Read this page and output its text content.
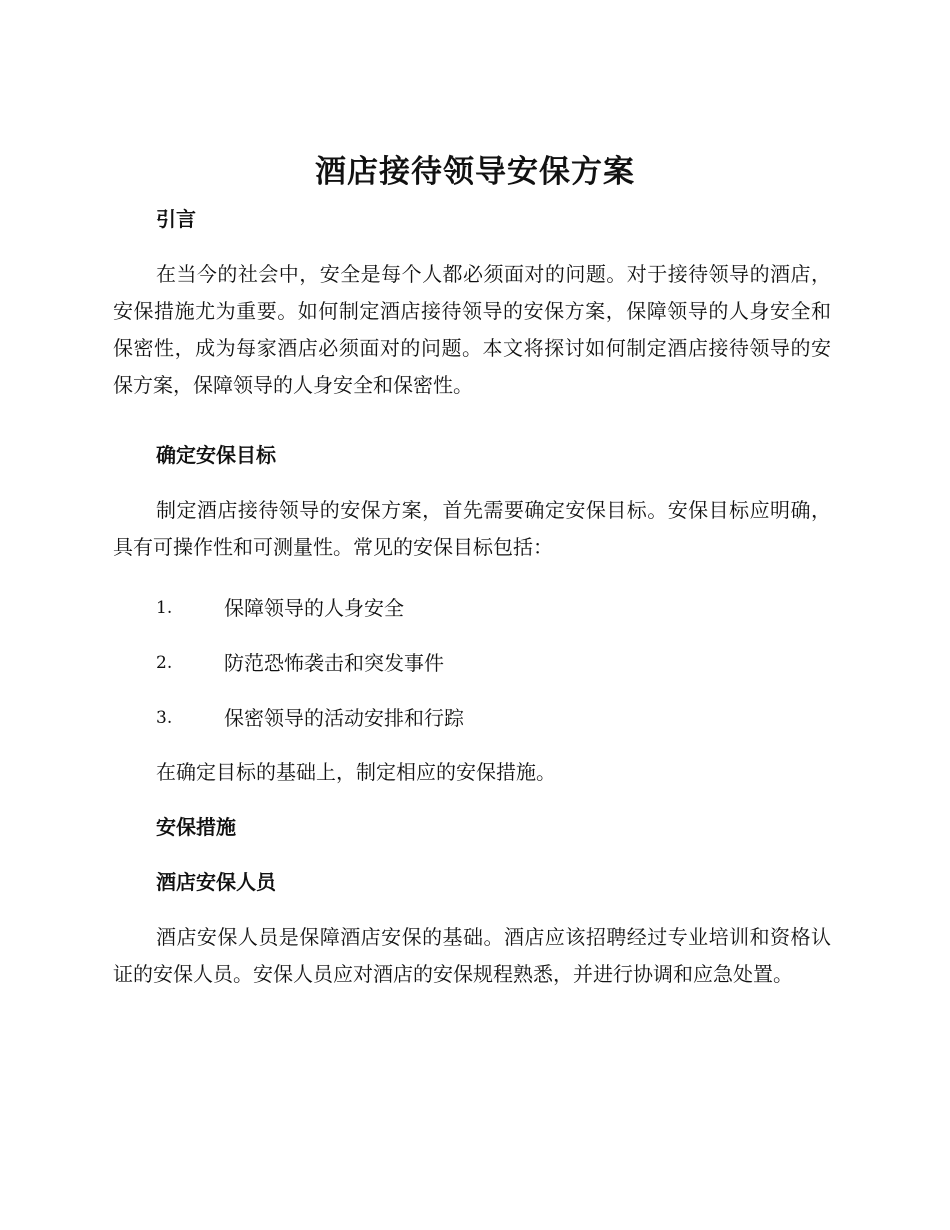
酒店接待领导安保方案
引言

在当今的社会中，安全是每个人都必须面对的问题。对于接待领导的酒店，安保措施尤为重要。如何制定酒店接待领导的安保方案，保障领导的人身安全和保密性，成为每家酒店必须面对的问题。本文将探讨如何制定酒店接待领导的安保方案，保障领导的人身安全和保密性。

确定安保目标

制定酒店接待领导的安保方案，首先需要确定安保目标。安保目标应明确，具有可操作性和可测量性。常见的安保目标包括：

1.	保障领导的人身安全
2.	防范恐怖袭击和突发事件
3.	保密领导的活动安排和行踪

在确定目标的基础上，制定相应的安保措施。

安保措施
酒店安保人员

酒店安保人员是保障酒店安保的基础。酒店应该招聘经过专业培训和资格认证的安保人员。安保人员应对酒店的安保规程熟悉，并进行协调和应急处置。
